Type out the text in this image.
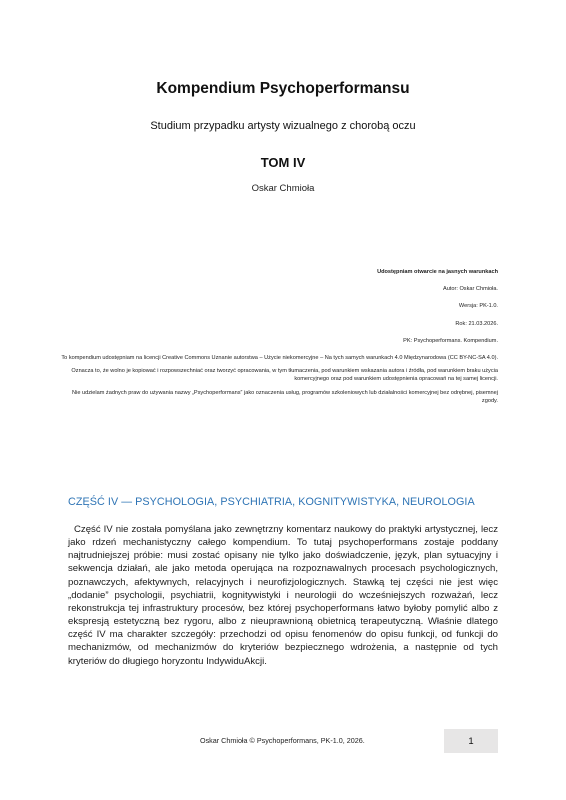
Kompendium Psychoperformansu
Studium przypadku artysty wizualnego z chorobą oczu
TOM IV
Oskar Chmioła
Udostępniam otwarcie na jasnych warunkach
Autor: Oskar Chmioła.
Wersja: PK-1.0.
Rok: 21.03.2026.
PK: Psychoperformans. Kompendium.
To kompendium udostępniam na licencji Creative Commons Uznanie autorstwa – Użycie niekomercyjne – Na tych samych warunkach 4.0 Międzynarodowa (CC BY-NC-SA 4.0).
Oznacza to, że wolno je kopiować i rozpowszechniać oraz tworzyć opracowania, w tym tłumaczenia, pod warunkiem wskazania autora i źródła, pod warunkiem braku użycia komercyjnego oraz pod warunkiem udostępnienia opracowań na tej samej licencji.
Nie udzielam żadnych praw do używania nazwy „Psychoperformans” jako oznaczenia usług, programów szkoleniowych lub działalności komercyjnej bez odrębnej, pisemnej zgody.
CZĘŚĆ IV — PSYCHOLOGIA, PSYCHIATRIA, KOGNITYWISTYKA, NEUROLOGIA
Część IV nie została pomyślana jako zewnętrzny komentarz naukowy do praktyki artystycznej, lecz jako rdzeń mechanistyczny całego kompendium. To tutaj psychoperformans zostaje poddany najtrudniejszej próbie: musi zostać opisany nie tylko jako doświadczenie, język, plan sytuacyjny i sekwencja działań, ale jako metoda operująca na rozpoznawalnych procesach psychologicznych, poznawczych, afektywnych, relacyjnych i neurofizjologicznych. Stawką tej części nie jest więc „dodanie” psychologii, psychiatrii, kognitywistyki i neurologii do wcześniejszych rozważań, lecz rekonstrukcja tej infrastruktury procesów, bez której psychoperformans łatwo byłoby pomylić albo z ekspresją estetyczną bez rygoru, albo z nieuprawnioną obietnicą terapeutyczną. Właśnie dlatego część IV ma charakter szczegóły: przechodzi od opisu fenomenów do opisu funkcji, od funkcji do mechanizmów, od mechanizmów do kryteriów bezpiecznego wdrożenia, a następnie od tych kryteriów do długiego horyzontu IndywiduAkcji.
Oskar Chmioła © Psychoperformans, PK-1.0, 2026.	1
